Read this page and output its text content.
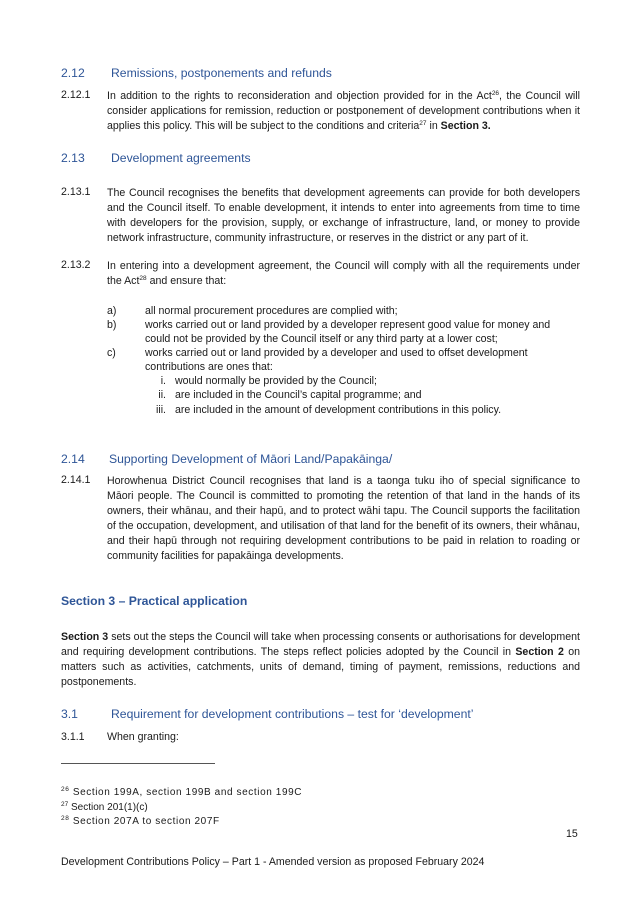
2.12 Remissions, postponements and refunds
2.12.1 In addition to the rights to reconsideration and objection provided for in the Act$^{26}$, the Council will consider applications for remission, reduction or postponement of development contributions when it applies this policy. This will be subject to the conditions and criteria$^{27}$ in Section 3.
2.13 Development agreements
2.13.1 The Council recognises the benefits that development agreements can provide for both developers and the Council itself. To enable development, it intends to enter into agreements from time to time with developers for the provision, supply, or exchange of infrastructure, land, or money to provide network infrastructure, community infrastructure, or reserves in the district or any part of it.
2.13.2 In entering into a development agreement, the Council will comply with all the requirements under the Act$^{28}$ and ensure that:
a)	all normal procurement procedures are complied with;
b)	works carried out or land provided by a developer represent good value for money and could not be provided by the Council itself or any third party at a lower cost;
c)	works carried out or land provided by a developer and used to offset development contributions are ones that:
i. would normally be provided by the Council;
ii. are included in the Council’s capital programme; and
iii. are included in the amount of development contributions in this policy.
2.14 Supporting Development of Māori Land/Papakāinga/
2.14.1 Horowhenua District Council recognises that land is a taonga tuku iho of special significance to Māori people. The Council is committed to promoting the retention of that land in the hands of its owners, their whānau, and their hapū, and to protect wāhi tapu. The Council supports the facilitation of the occupation, development, and utilisation of that land for the benefit of its owners, their whānau, and their hapū through not requiring development contributions to be paid in relation to roading or community facilities for papakāinga developments.
Section 3 – Practical application
Section 3 sets out the steps the Council will take when processing consents or authorisations for development and requiring development contributions. The steps reflect policies adopted by the Council in Section 2 on matters such as activities, catchments, units of demand, timing of payment, remissions, reductions and postponements.
3.1	Requirement for development contributions – test for ‘development’
3.1.1 When granting:
$^{26}$ Section 199A, section 199B and section 199C
$^{27}$ Section 201(1)(c)
$^{28}$ Section 207A to section 207F
15
Development Contributions Policy – Part 1 - Amended version as proposed February 2024
